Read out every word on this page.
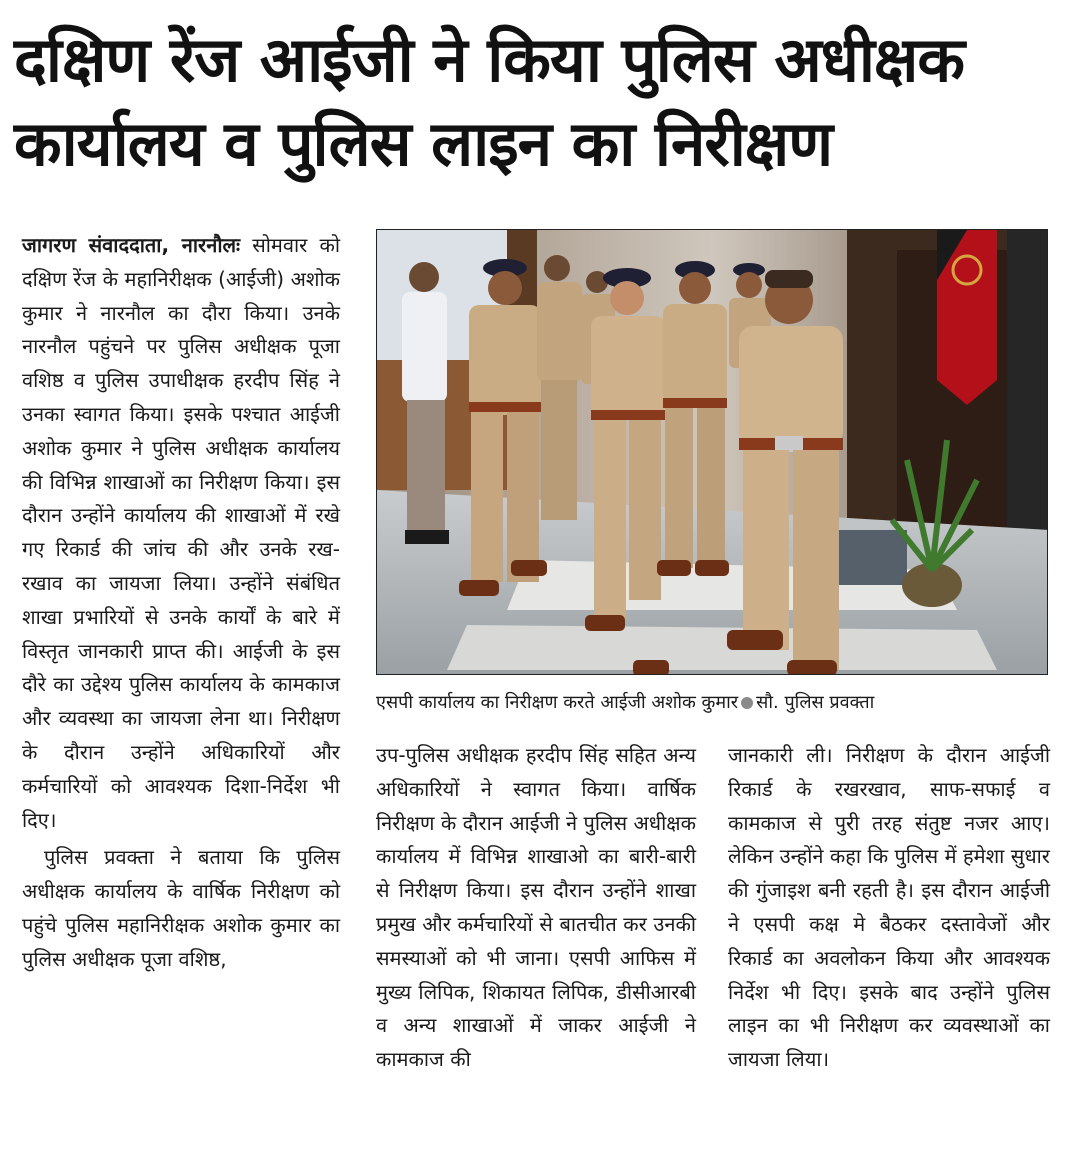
दक्षिण रेंज आईजी ने किया पुलिस अधीक्षक
कार्यालय व पुलिस लाइन का निरीक्षण

जागरण संवाददाता, नारनौलः सोमवार को दक्षिण रेंज के महानिरीक्षक (आईजी) अशोक कुमार ने नारनौल का दौरा किया। उनके नारनौल पहुंचने पर पुलिस अधीक्षक पूजा वशिष्ठ व पुलिस उपाधीक्षक हरदीप सिंह ने उनका स्वागत किया। इसके पश्चात आईजी अशोक कुमार ने पुलिस अधीक्षक कार्यालय की विभिन्न शाखाओं का निरीक्षण किया। इस दौरान उन्होंने कार्यालय की शाखाओं में रखे गए रिकार्ड की जांच की और उनके रख-रखाव का जायजा लिया। उन्होंने संबंधित शाखा प्रभारियों से उनके कार्यों के बारे में विस्तृत जानकारी प्राप्त की। आईजी के इस दौरे का उद्देश्य पुलिस कार्यालय के कामकाज और व्यवस्था का जायजा लेना था। निरीक्षण के दौरान उन्होंने अधिकारियों और कर्मचारियों को आवश्यक दिशा-निर्देश भी दिए।

पुलिस प्रवक्ता ने बताया कि पुलिस अधीक्षक कार्यालय के वार्षिक निरीक्षण को पहुंचे पुलिस महानिरीक्षक अशोक कुमार का पुलिस अधीक्षक पूजा वशिष्ठ,

एसपी कार्यालय का निरीक्षण करते आईजी अशोक कुमार सौ. पुलिस प्रवक्ता

उप-पुलिस अधीक्षक हरदीप सिंह सहित अन्य अधिकारियों ने स्वागत किया। वार्षिक निरीक्षण के दौरान आईजी ने पुलिस अधीक्षक कार्यालय में विभिन्न शाखाओ का बारी-बारी से निरीक्षण किया। इस दौरान उन्होंने शाखा प्रमुख और कर्मचारियों से बातचीत कर उनकी समस्याओं को भी जाना। एसपी आफिस में मुख्य लिपिक, शिकायत लिपिक, डीसीआरबी व अन्य शाखाओं में जाकर आईजी ने कामकाज की

जानकारी ली। निरीक्षण के दौरान आईजी रिकार्ड के रखरखाव, साफ-सफाई व कामकाज से पुरी तरह संतुष्ट नजर आए। लेकिन उन्होंने कहा कि पुलिस में हमेशा सुधार की गुंजाइश बनी रहती है। इस दौरान आईजी ने एसपी कक्ष मे बैठकर दस्तावेजों और रिकार्ड का अवलोकन किया और आवश्यक निर्देश भी दिए। इसके बाद उन्होंने पुलिस लाइन का भी निरीक्षण कर व्यवस्थाओं का जायजा लिया।
